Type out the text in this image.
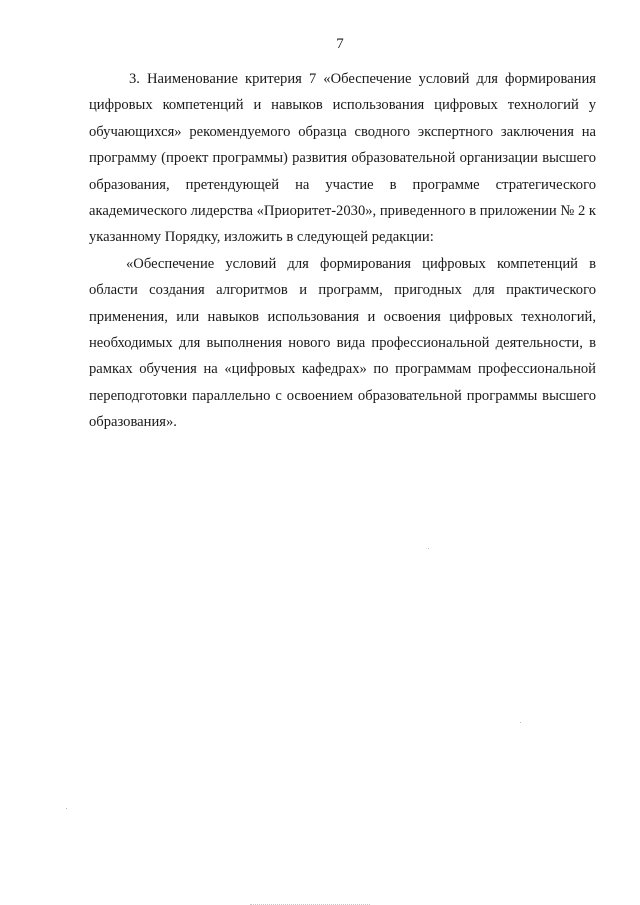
7

3. Наименование критерия 7 «Обеспечение условий для формирования цифровых компетенций и навыков использования цифровых технологий у обучающихся» рекомендуемого образца сводного экспертного заключения на программу (проект программы) развития образовательной организации высшего образования, претендующей на участие в программе стратегического академического лидерства «Приоритет-2030», приведенного в приложении № 2 к указанному Порядку, изложить в следующей редакции:

«Обеспечение условий для формирования цифровых компетенций в области создания алгоритмов и программ, пригодных для практического применения, или навыков использования и освоения цифровых технологий, необходимых для выполнения нового вида профессиональной деятельности, в рамках обучения на «цифровых кафедрах» по программам профессиональной переподготовки параллельно с освоением образовательной программы высшего образования».
